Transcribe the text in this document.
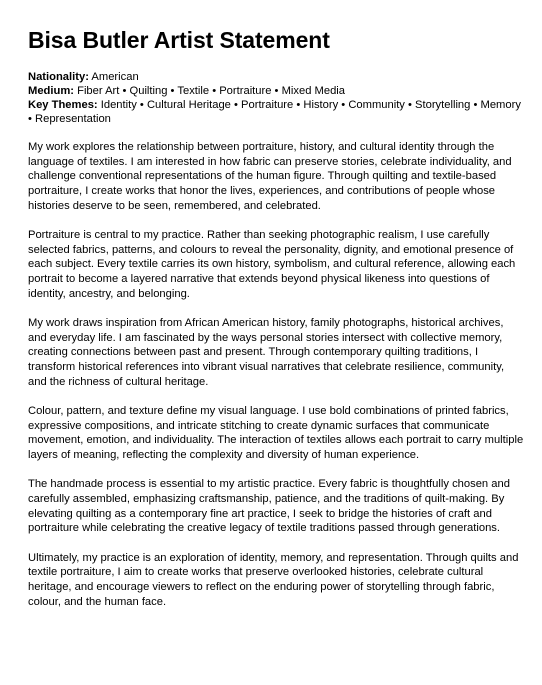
Bisa Butler Artist Statement
Nationality: American
Medium: Fiber Art • Quilting • Textile • Portraiture • Mixed Media
Key Themes: Identity • Cultural Heritage • Portraiture • History • Community • Storytelling • Memory • Representation

My work explores the relationship between portraiture, history, and cultural identity through the language of textiles. I am interested in how fabric can preserve stories, celebrate individuality, and challenge conventional representations of the human figure. Through quilting and textile-based portraiture, I create works that honor the lives, experiences, and contributions of people whose histories deserve to be seen, remembered, and celebrated.

Portraiture is central to my practice. Rather than seeking photographic realism, I use carefully selected fabrics, patterns, and colours to reveal the personality, dignity, and emotional presence of each subject. Every textile carries its own history, symbolism, and cultural reference, allowing each portrait to become a layered narrative that extends beyond physical likeness into questions of identity, ancestry, and belonging.

My work draws inspiration from African American history, family photographs, historical archives, and everyday life. I am fascinated by the ways personal stories intersect with collective memory, creating connections between past and present. Through contemporary quilting traditions, I transform historical references into vibrant visual narratives that celebrate resilience, community, and the richness of cultural heritage.

Colour, pattern, and texture define my visual language. I use bold combinations of printed fabrics, expressive compositions, and intricate stitching to create dynamic surfaces that communicate movement, emotion, and individuality. The interaction of textiles allows each portrait to carry multiple layers of meaning, reflecting the complexity and diversity of human experience.

The handmade process is essential to my artistic practice. Every fabric is thoughtfully chosen and carefully assembled, emphasizing craftsmanship, patience, and the traditions of quilt-making. By elevating quilting as a contemporary fine art practice, I seek to bridge the histories of craft and portraiture while celebrating the creative legacy of textile traditions passed through generations.

Ultimately, my practice is an exploration of identity, memory, and representation. Through quilts and textile portraiture, I aim to create works that preserve overlooked histories, celebrate cultural heritage, and encourage viewers to reflect on the enduring power of storytelling through fabric, colour, and the human face.
